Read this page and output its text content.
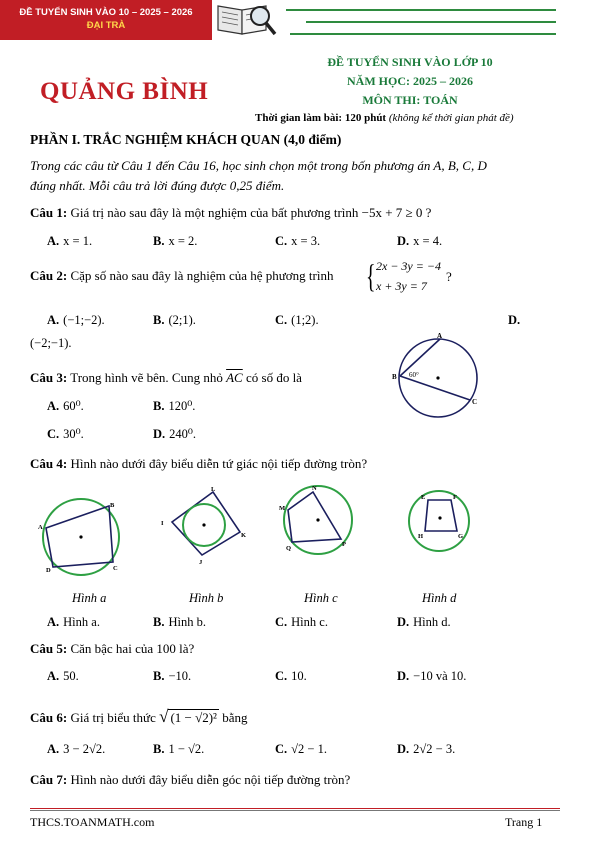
ĐỀ TUYỂN SINH VÀO 10 – 2025 – 2026
ĐẠI TRÀ
QUẢNG BÌNH
ĐỀ TUYỂN SINH VÀO LỚP 10
NĂM HỌC: 2025 – 2026
MÔN THI: TOÁN
Thời gian làm bài: 120 phút (không kể thời gian phát đề)
PHẦN I. TRẮC NGHIỆM KHÁCH QUAN (4,0 điểm)
Trong các câu từ Câu 1 đến Câu 16, học sinh chọn một trong bốn phương án A, B, C, D
đúng nhất. Mỗi câu trả lời đúng được 0,25 điểm.
Câu 1: Giá trị nào sau đây là một nghiệm của bất phương trình −5x + 7 ≥ 0 ?
A. x = 1.	B. x = 2.	C. x = 3.	D. x = 4.
Câu 2: Cặp số nào sau đây là nghiệm của hệ phương trình { 2x − 3y = −4
x + 3y = 7
?
A. (−1;−2).	B. (2;1).	C. (1;2).	D.
(−2;−1).
Câu 3: Trong hình vẽ bên. Cung nhỏ $\overline{AC}$ có số đo là
A. 60⁰.	B. 120⁰.
C. 30⁰.	D. 240⁰.
A
B
C
60°
Câu 4: Hình nào dưới đây biểu diễn tứ giác nội tiếp đường tròn?
A
B
C
D
L
I
K
J
N
M
Q
P
E	F
H	G
Hình a	Hình b	Hình c	Hình d
A. Hình a.	B. Hình b.	C. Hình c.	D. Hình d.
Câu 5: Căn bậc hai của 100 là?
A. 50.	B. −10.	C. 10.	D. −10 và 10.
Câu 6: Giá trị biểu thức √ (1 − √2)² bằng
A. 3 − 2√2.	B. 1 − √2.	C. √2 − 1.	D. 2√2 − 3.
Câu 7: Hình nào dưới đây biểu diễn góc nội tiếp đường tròn?
THCS.TOANMATH.com	Trang 1
